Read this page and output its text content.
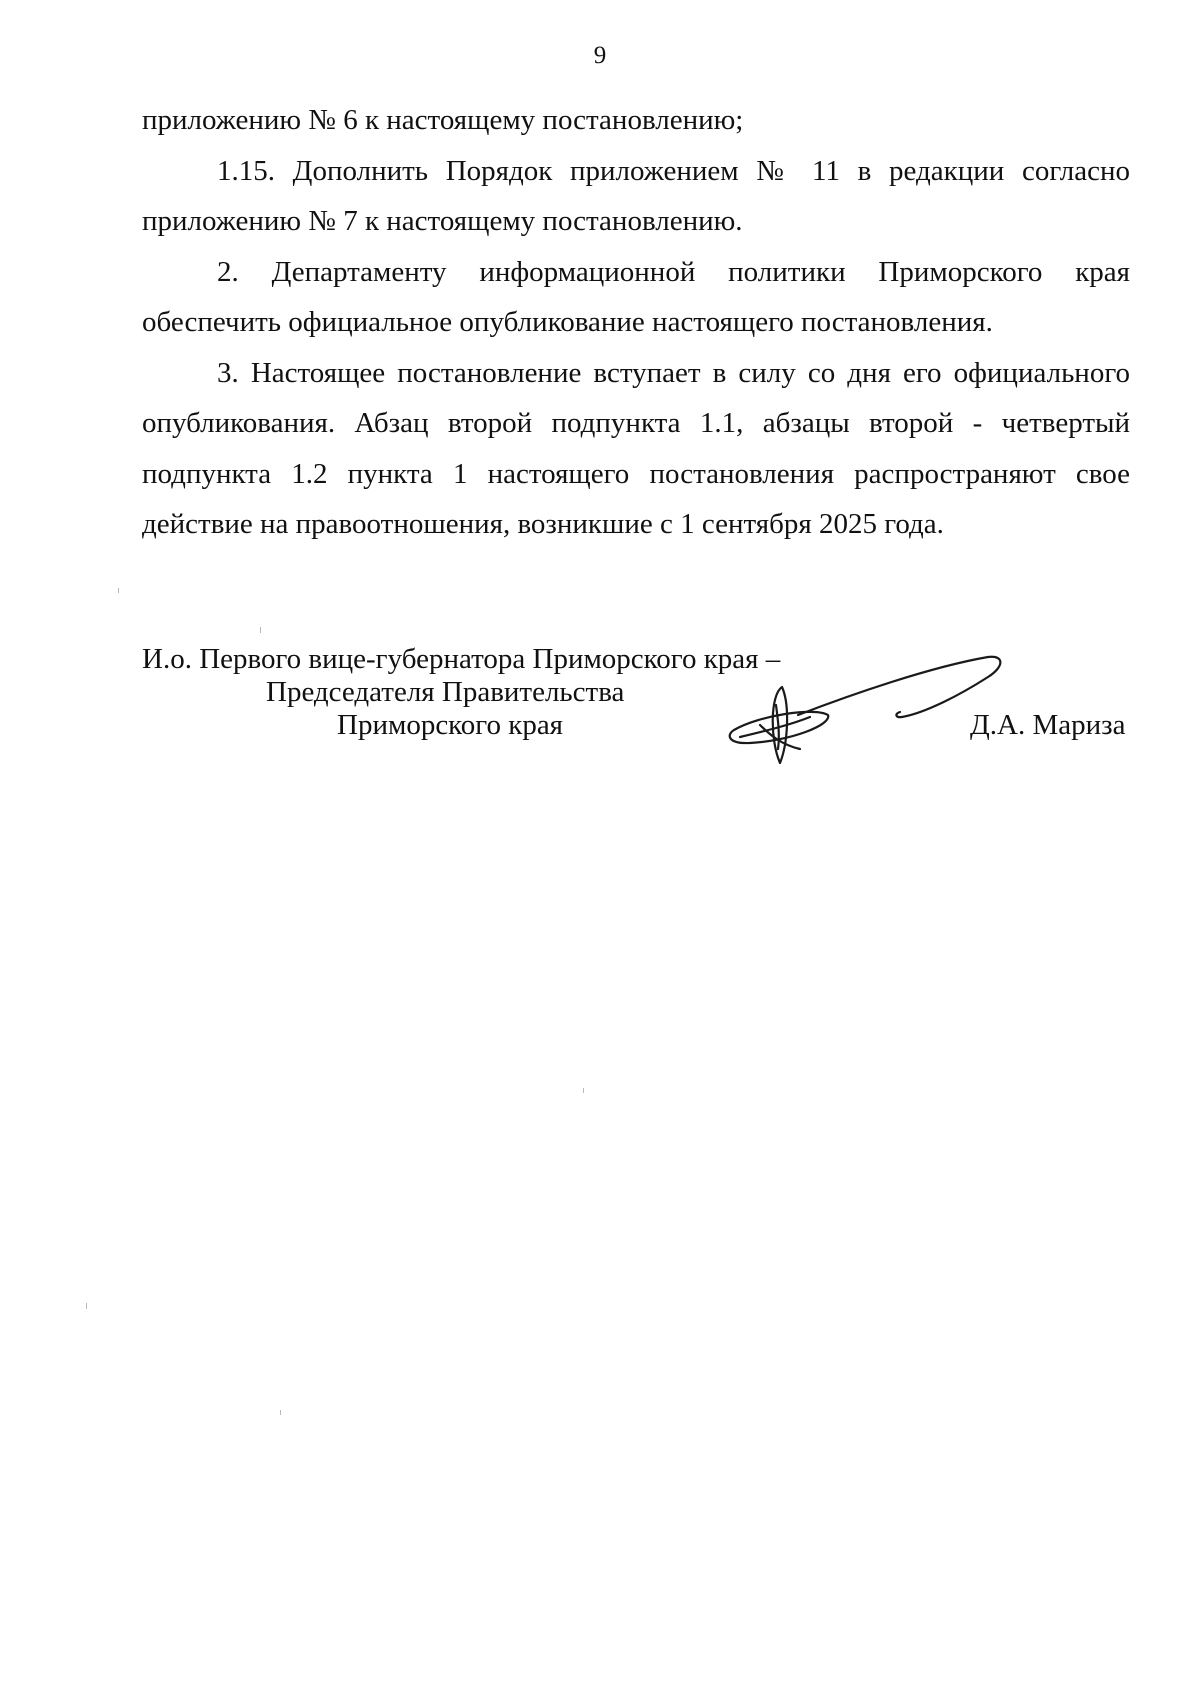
9

приложению № 6 к настоящему постановлению;

1.15. Дополнить Порядок приложением № 11 в редакции согласно приложению № 7 к настоящему постановлению.

2. Департаменту информационной политики Приморского края обеспечить официальное опубликование настоящего постановления.

3. Настоящее постановление вступает в силу со дня его официального опубликования. Абзац второй подпункта 1.1, абзацы второй - четвертый подпункта 1.2 пункта 1 настоящего постановления распространяют свое действие на правоотношения, возникшие с 1 сентября 2025 года.

И.о. Первого вице-губернатора Приморского края –
Председателя Правительства
Приморского края	Д.А. Мариза
